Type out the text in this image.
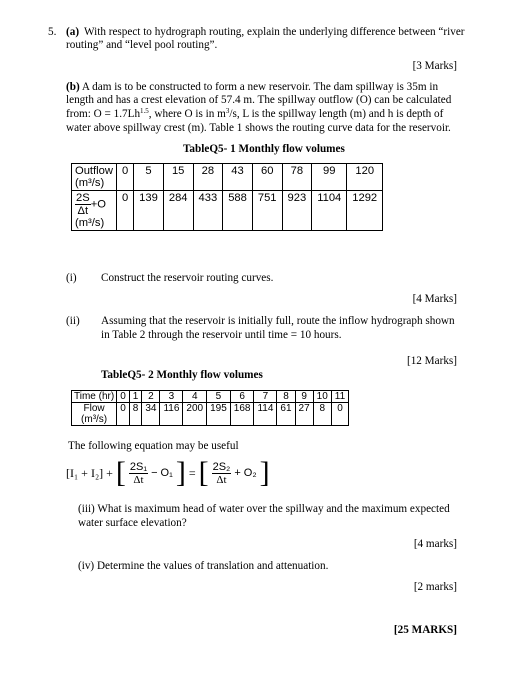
5. (a) With respect to hydrograph routing, explain the underlying difference between “river
routing” and “level pool routing”.
[3 Marks]
(b) A dam is to be constructed to form a new reservoir. The dam spillway is 35m in
length and has a crest elevation of 57.4 m. The spillway outflow (O) can be calculated
from: $O = 1.7Lh^{1.5}$, where O is in $m^3/s$, L is the spillway length (m) and h is depth of
water above spillway crest (m). Table 1 shows the routing curve data for the reservoir.
TableQ5- 1 Monthly flow volumes
Outflow
(m³/s)	0	5	15	28	43	60	78	99	120

$\frac{2S}{\Delta t} +O$
(m³/s)	0	139	284	433	588	751	923	1104	1292
(i) Construct the reservoir routing curves.
[4 Marks]
(ii) Assuming that the reservoir is initially full, route the inflow hydrograph shown
in Table 2 through the reservoir until time = 10 hours.
[12 Marks]
TableQ5- 2 Monthly flow volumes
Time (hr)	0	1	2	3	4	5	6	7	8	9	10	11

Flow
(m³/s)	0	8	34	116	200	195	168	114	61	27	8	0
The following equation may be useful
[I₁ + I₂] + [ $\frac{\text{2S₁}}{\Delta t} - O_1$ ] = [ $\frac{\text{2S₂}}{\Delta t} + O_2$ ]
(iii) What is maximum head of water over the spillway and the maximum expected
water surface elevation?
[4 marks]
(iv) Determine the values of translation and attenuation.
[2 marks]
[25 MARKS]
